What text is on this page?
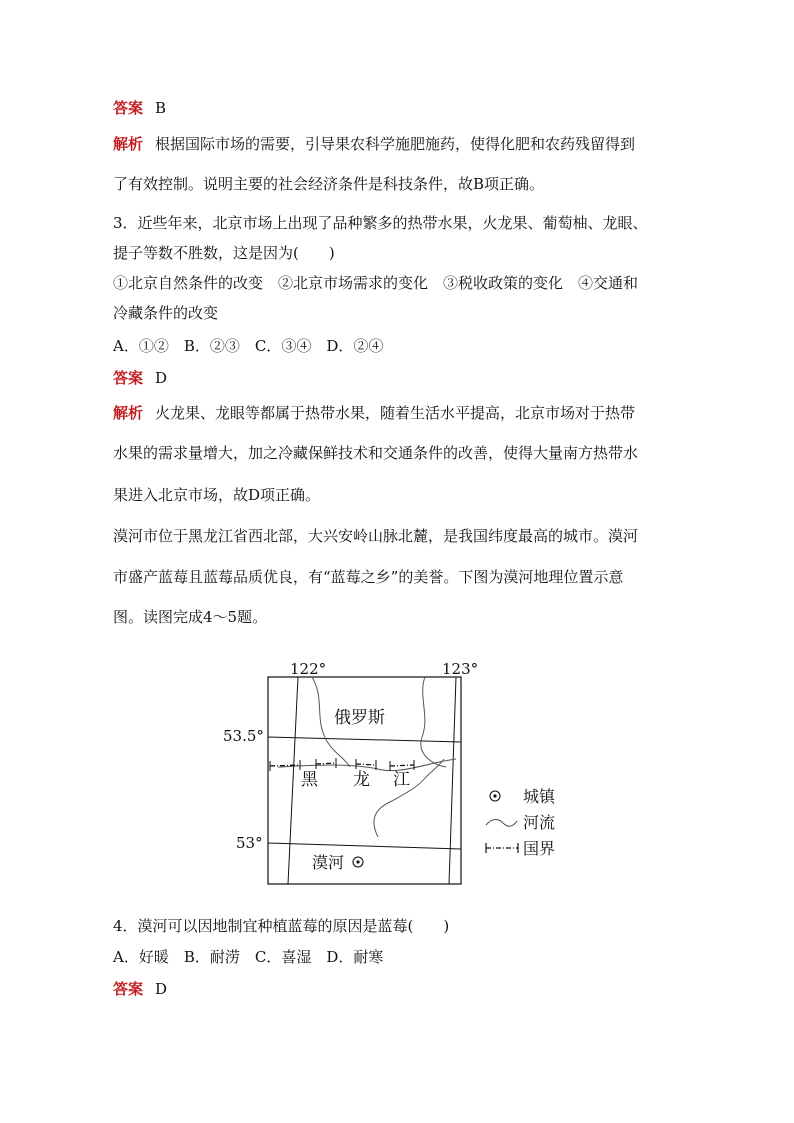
答案 B
解析 根据国际市场的需要，引导果农科学施肥施药，使得化肥和农药残留得到
了有效控制。说明主要的社会经济条件是科技条件，故B项正确。
3．近些年来，北京市场上出现了品种繁多的热带水果，火龙果、葡萄柚、龙眼、
提子等数不胜数，这是因为(　　)
①北京自然条件的改变　②北京市场需求的变化　③税收政策的变化　④交通和
冷藏条件的改变
A．①②　B．②③　C．③④　D．②④
答案 D
解析 火龙果、龙眼等都属于热带水果，随着生活水平提高，北京市场对于热带
水果的需求量增大，加之冷藏保鲜技术和交通条件的改善，使得大量南方热带水
果进入北京市场，故D项正确。
漠河市位于黑龙江省西北部，大兴安岭山脉北麓，是我国纬度最高的城市。漠河
市盛产蓝莓且蓝莓品质优良，有“蓝莓之乡”的美誉。下图为漠河地理位置示意
图。读图完成4～5题。
122°	123°
53.5°
53°
俄罗斯
黑 龙 江
漠河
城镇
河流
国界
4．漠河可以因地制宜种植蓝莓的原因是蓝莓(　　)
A．好暖　B．耐涝　C．喜湿　D．耐寒
答案 D
